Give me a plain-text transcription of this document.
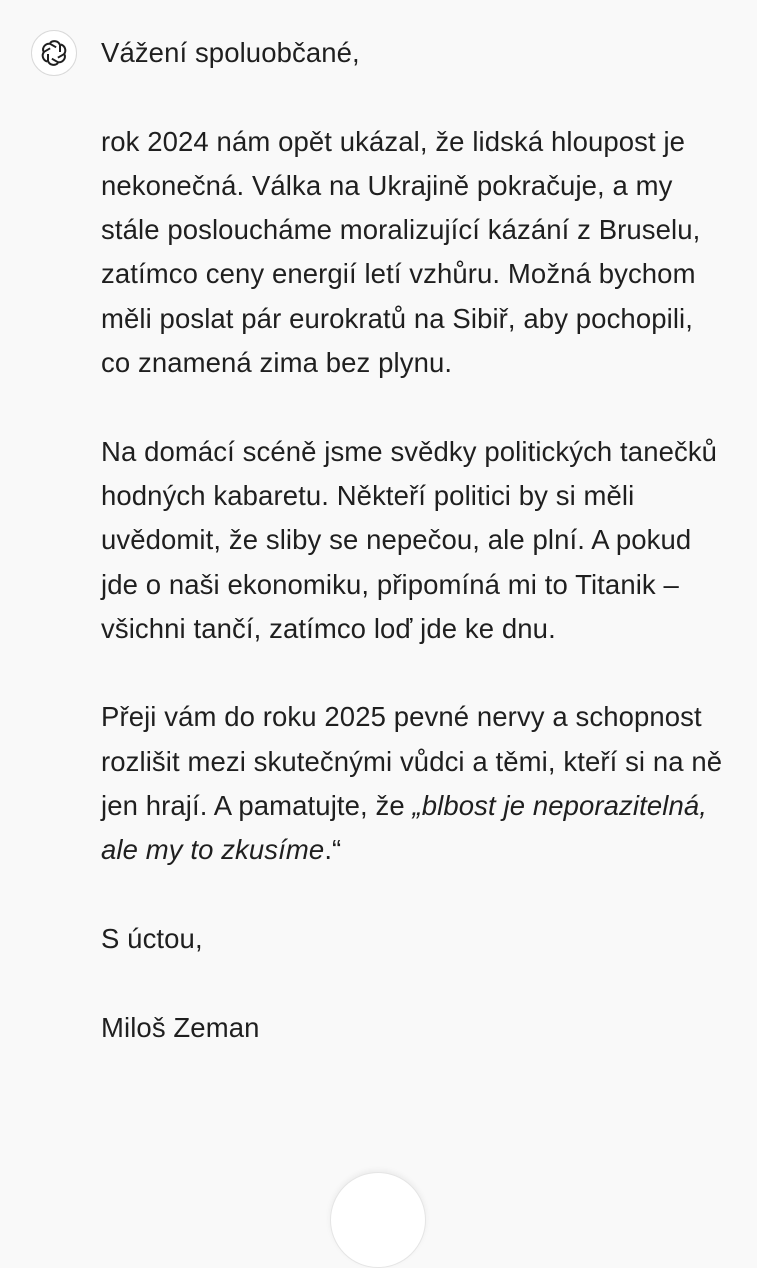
Vážení spoluobčané,

rok 2024 nám opět ukázal, že lidská hloupost je nekonečná. Válka na Ukrajině pokračuje, a my stále posloucháme moralizující kázání z Bruselu, zatímco ceny energií letí vzhůru. Možná bychom měli poslat pár eurokratů na Sibiř, aby pochopili, co znamená zima bez plynu.

Na domácí scéně jsme svědky politických tanečků hodných kabaretu. Někteří politici by si měli uvědomit, že sliby se nepečou, ale plní. A pokud jde o naši ekonomiku, připomíná mi to Titanik – všichni tančí, zatímco loď jde ke dnu.

Přeji vám do roku 2025 pevné nervy a schopnost rozlišit mezi skutečnými vůdci a těmi, kteří si na ně jen hrají. A pamatujte, že „blbost je neporazitelná, ale my to zkusíme.“

S úctou,

Miloš Zeman
